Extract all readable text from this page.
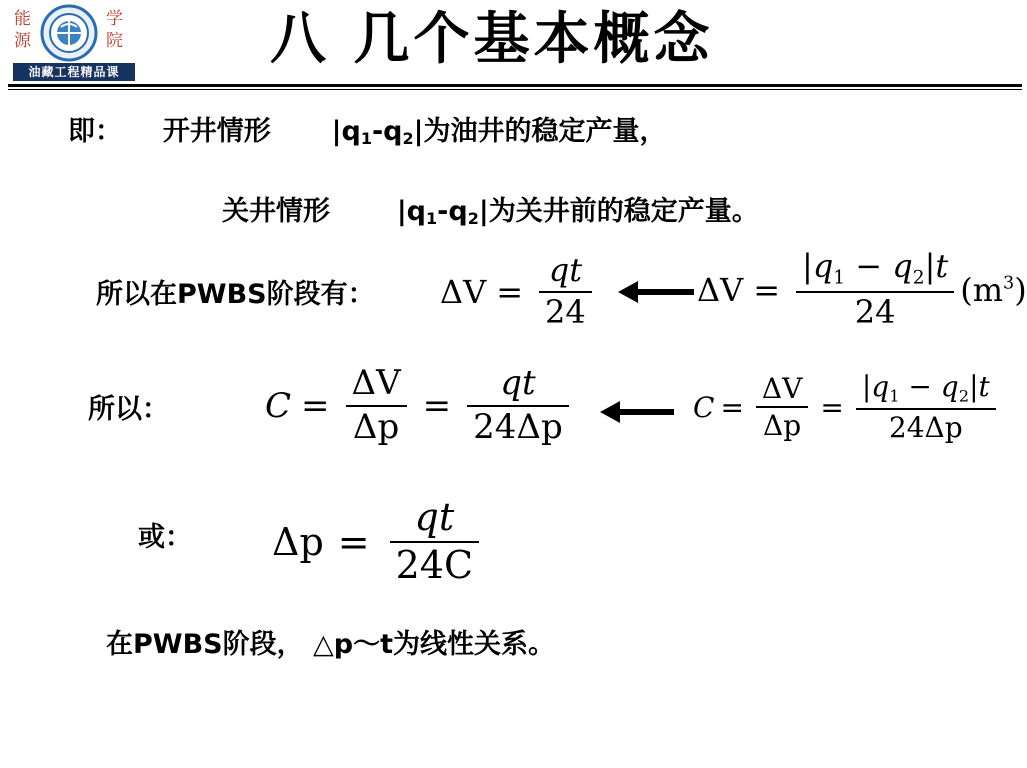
能
源
学
院
油藏工程精品课	八 几个基本概念
即： 开井情形 $|q_1-q_2|$为油井的稳定产量，
关井情形 $|q_1-q_2|$为关井前的稳定产量。
所以在PWBS阶段有： $\Delta V = \frac{qt}{24}$	$\Delta V = \frac{|q_1 - q_2|t}{24} (m^3)$
所以：	$C = \frac{\Delta V}{\Delta p} = \frac{qt}{24\Delta p}$	$C = \frac{\Delta V}{\Delta p} = \frac{|q_1 - q_2|t}{24\Delta p}$
或： $\Delta p = \frac{qt}{24C}$
在PWBS阶段， △p～t为线性关系。
